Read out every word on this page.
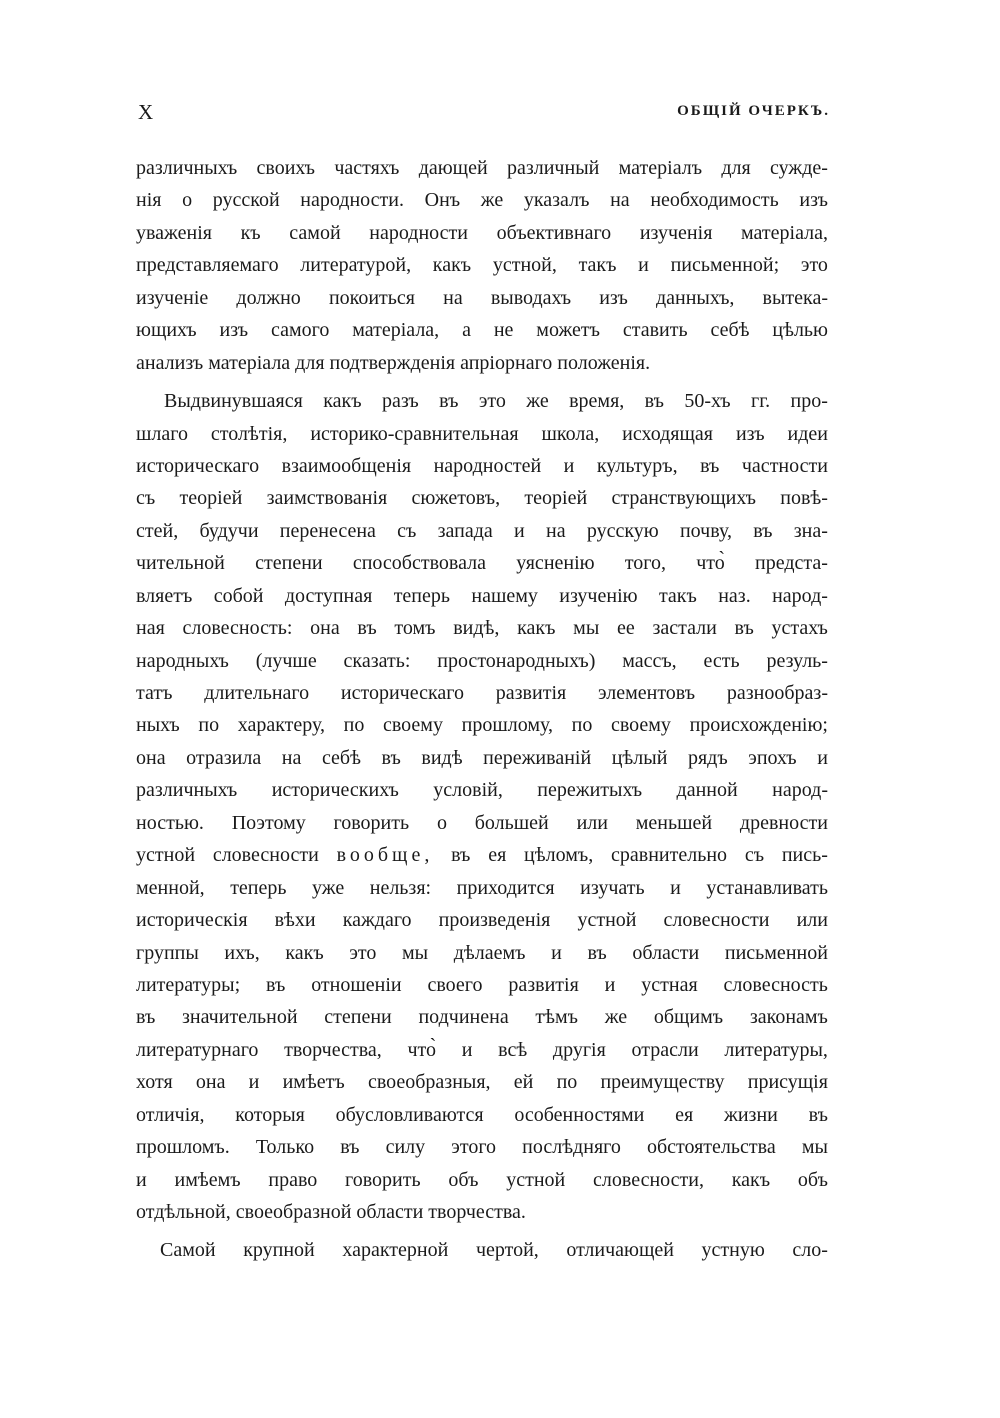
X	ОБЩІЙ ОЧЕРКЪ.
различныхъ своихъ частяхъ дающей различный матеріалъ для сужде-
нія о русской народности. Онъ же указалъ на необходимость изъ
уваженія къ самой народности объективнаго изученія матеріала,
представляемаго литературой, какъ устной, такъ и письменной; это
изученіе должно покоиться на выводахъ изъ данныхъ, вытека-
ющихъ изъ самого матеріала, а не можетъ ставить себѣ цѣлью
анализъ матеріала для подтвержденія апріорнаго положенія.
Выдвинувшаяся какъ разъ въ это же время, въ 50-хъ гг. про-
шлаго столѣтія, историко-сравнительная школа, исходящая изъ идеи
историческаго взаимообщенія народностей и культуръ, въ частности
съ теоріей заимствованія сюжетовъ, теоріей странствующихъ повѣ-
стей, будучи перенесена съ запада и на русскую почву, въ зна-
чительной степени способствовала уясненію того, что̀ предста-
вляетъ собой доступная теперь нашему изученію такъ наз. народ-
ная словесность: она въ томъ видѣ, какъ мы ее застали въ устахъ
народныхъ (лучше сказать: простонародныхъ) массъ, есть резуль-
татъ длительнаго историческаго развитія элементовъ разнообраз-
ныхъ по характеру, по своему прошлому, по своему происхожденію;
она отразила на себѣ въ видѣ переживаній цѣлый рядъ эпохъ и
различныхъ историческихъ условій, пережитыхъ данной народ-
ностью. Поэтому говорить о большей или меньшей древности
устной словесности вообще, въ ея цѣломъ, сравнительно съ пись-
менной, теперь уже нельзя: приходится изучать и устанавливать
историческія вѣхи каждаго произведенія устной словесности или
группы ихъ, какъ это мы дѣлаемъ и въ области письменной
литературы; въ отношеніи своего развитія и устная словесность
въ значительной степени подчинена тѣмъ же общимъ законамъ
литературнаго творчества, что̀ и всѣ другія отрасли литературы,
хотя она и имѣетъ своеобразныя, ей по преимуществу присущія
отличія, которыя обусловливаются особенностями ея жизни въ
прошломъ. Только въ силу этого послѣдняго обстоятельства мы
и имѣемъ право говорить объ устной словесности, какъ объ
отдѣльной, своеобразной области творчества.
Самой крупной характерной чертой, отличающей устную сло-
